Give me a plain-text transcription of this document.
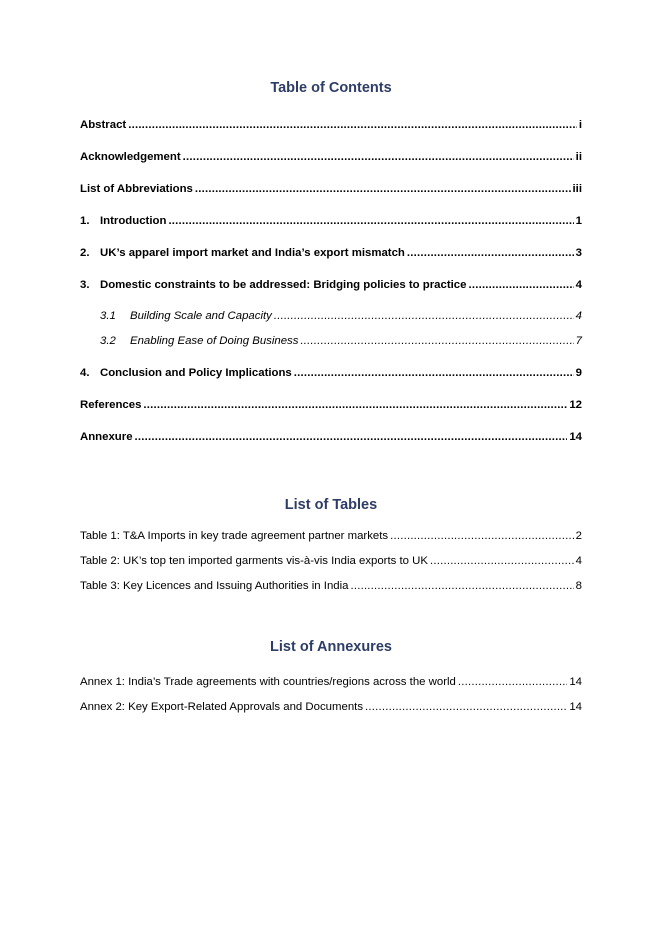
Table of Contents
Abstract .....	i
Acknowledgement .....	ii
List of Abbreviations .....	iii
1. Introduction .....	1
2. UK’s apparel import market and India’s export mismatch .....	3
3. Domestic constraints to be addressed: Bridging policies to practice .....	4
3.1	Building Scale and Capacity .....	4
3.2	Enabling Ease of Doing Business .....	7
4. Conclusion and Policy Implications .....	9
References .....	12
Annexure .....	14
List of Tables
Table 1: T&A Imports in key trade agreement partner markets .....	2
Table 2: UK’s top ten imported garments vis-à-vis India exports to UK .....	4
Table 3: Key Licences and Issuing Authorities in India .....	8
List of Annexures
Annex 1: India’s Trade agreements with countries/regions across the world .....	14
Annex 2: Key Export-Related Approvals and Documents .....	14
